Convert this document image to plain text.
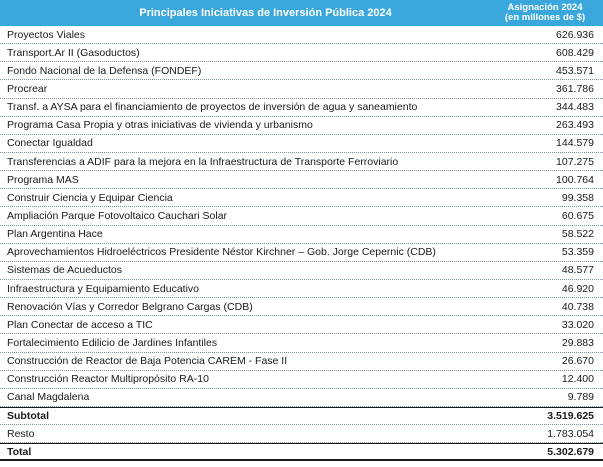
Principales Iniciativas de Inversión Pública 2024	Asignación 2024
(en millones de $)
Proyectos Viales	626.936
Transport.Ar II (Gasoductos)	608.429
Fondo Nacional de la Defensa (FONDEF)	453.571
Procrear	361.786
Transf. a AYSA para el financiamiento de proyectos de inversión de agua y saneamiento	344.483
Programa Casa Propia y otras iniciativas de vivienda y urbanismo	263.493
Conectar Igualdad	144.579
Transferencias a ADIF para la mejora en la Infraestructura de Transporte Ferroviario	107.275
Programa MAS	100.764
Construir Ciencia y Equipar Ciencia	99.358
Ampliación Parque Fotovoltaico Cauchari Solar	60.675
Plan Argentina Hace	58.522
Aprovechamientos Hidroeléctricos Presidente Néstor Kirchner – Gob. Jorge Cepernic (CDB)	53.359
Sistemas de Acueductos	48.577
Infraestructura y Equipamiento Educativo	46.920
Renovación Vías y Corredor Belgrano Cargas (CDB)	40.738
Plan Conectar de acceso a TIC	33.020
Fortalecimiento Edilicio de Jardines Infantiles	29.883
Construcción de Reactor de Baja Potencia CAREM - Fase II	26.670
Construcción Reactor Multipropósito RA-10	12.400
Canal Magdalena	9.789
Subtotal	3.519.625
Resto	1.783.054
Total	5.302.679
